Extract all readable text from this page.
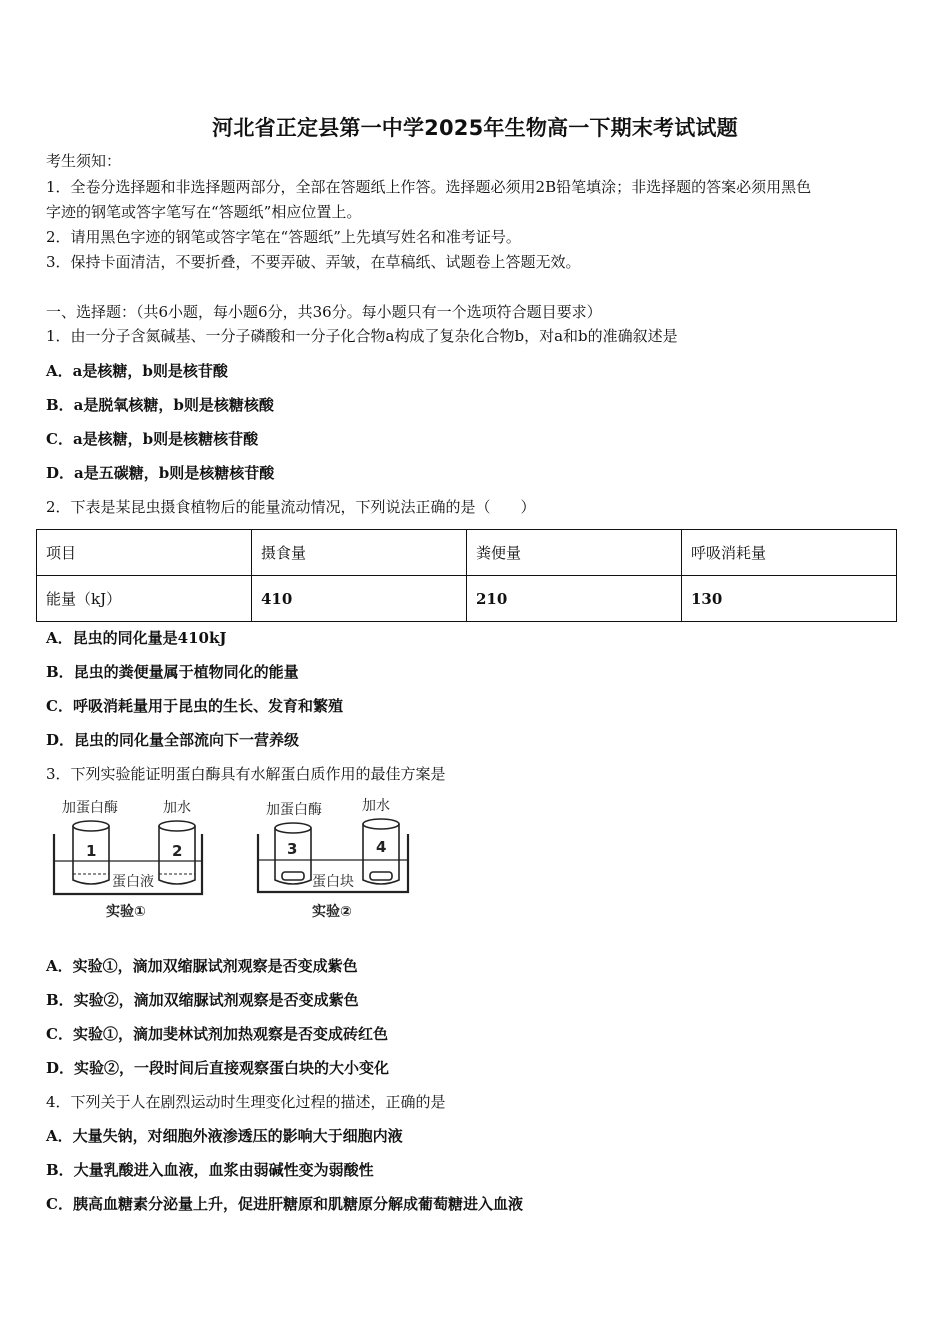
河北省正定县第一中学2025年生物高一下期末考试试题
考生须知：
1．全卷分选择题和非选择题两部分，全部在答题纸上作答。选择题必须用2B铅笔填涂；非选择题的答案必须用黑色
字迹的钢笔或答字笔写在“答题纸”相应位置上。
2．请用黑色字迹的钢笔或答字笔在“答题纸”上先填写姓名和准考证号。
3．保持卡面清洁，不要折叠，不要弄破、弄皱，在草稿纸、试题卷上答题无效。
一、选择题：（共6小题，每小题6分，共36分。每小题只有一个选项符合题目要求）
1．由一分子含氮碱基、一分子磷酸和一分子化合物a构成了复杂化合物b，对a和b的准确叙述是
A．a是核糖，b则是核苷酸
B．a是脱氧核糖，b则是核糖核酸
C．a是核糖，b则是核糖核苷酸
D．a是五碳糖，b则是核糖核苷酸
2．下表是某昆虫摄食植物后的能量流动情况，下列说法正确的是（　　）
项目	摄食量	粪便量	呼吸消耗量
能量（kJ）	410	210	130
A．昆虫的同化量是410kJ
B．昆虫的粪便量属于植物同化的能量
C．呼吸消耗量用于昆虫的生长、发育和繁殖
D．昆虫的同化量全部流向下一营养级
3．下列实验能证明蛋白酶具有水解蛋白质作用的最佳方案是
加蛋白酶	加水
1	2
蛋白液
实验①
加蛋白酶	加水
3	4
蛋白块
实验②
A．实验①，滴加双缩脲试剂观察是否变成紫色
B．实验②，滴加双缩脲试剂观察是否变成紫色
C．实验①，滴加斐林试剂加热观察是否变成砖红色
D．实验②，一段时间后直接观察蛋白块的大小变化
4．下列关于人在剧烈运动时生理变化过程的描述，正确的是
A．大量失钠，对细胞外液渗透压的影响大于细胞内液
B．大量乳酸进入血液，血浆由弱碱性变为弱酸性
C．胰高血糖素分泌量上升，促进肝糖原和肌糖原分解成葡萄糖进入血液
